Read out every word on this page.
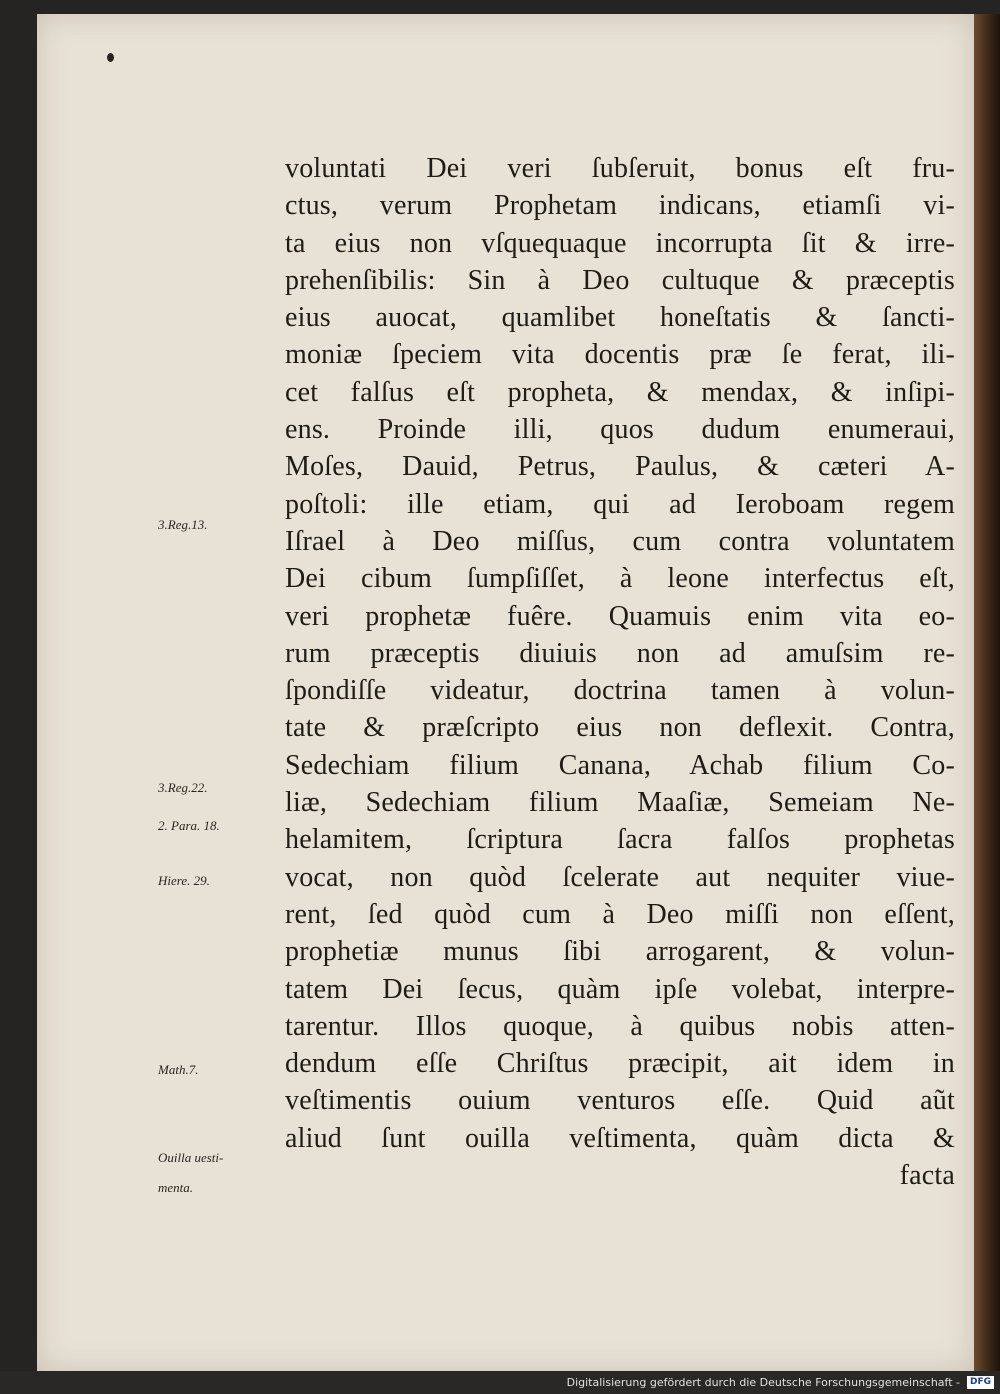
voluntati Dei veri ſubſeruit, bonus eſt fru-
ctus, verum Prophetam indicans, etiamſi vi-
ta eius non vſquequaque incorrupta ſit & irre-
prehenſibilis: Sin à Deo cultuque & præceptis
eius auocat, quamlibet honeſtatis & ſancti-
moniæ ſpeciem vita docentis præ ſe ferat, ili-
cet falſus eſt propheta, & mendax, & inſipi-
ens. Proinde illi, quos dudum enumeraui,
Moſes, Dauid, Petrus, Paulus, & cæteri A-
poſtoli: ille etiam, qui ad Ieroboam regem
Iſrael à Deo miſſus, cum contra voluntatem
Dei cibum ſumpſiſſet, à leone interfectus eſt,
veri prophetæ fuêre. Quamuis enim vita eo-
rum præceptis diuiuis non ad amuſsim re-
ſpondiſſe videatur, doctrina tamen à volun-
tate & præſcripto eius non deflexit. Contra,
Sedechiam filium Canana, Achab filium Co-
liæ, Sedechiam filium Maaſiæ, Semeiam Ne-
helamitem, ſcriptura ſacra falſos prophetas
vocat, non quòd ſcelerate aut nequiter viue-
rent, ſed quòd cum à Deo miſſi non eſſent,
prophetiæ munus ſibi arrogarent, & volun-
tatem Dei ſecus, quàm ipſe volebat, interpre-
tarentur. Illos quoque, à quibus nobis atten-
dendum eſſe Chriſtus præcipit, ait idem in
veſtimentis ouium venturos eſſe. Quid aũt
aliud ſunt ouilla veſtimenta, quàm dicta &
facta
3.Reg.13.
3.Reg.22.
2. Para. 18.
Hiere. 29.
Math.7.
Ouilla uesti-
menta.
Digitalisierung gefördert durch die Deutsche Forschungsgemeinschaft -	DFG
